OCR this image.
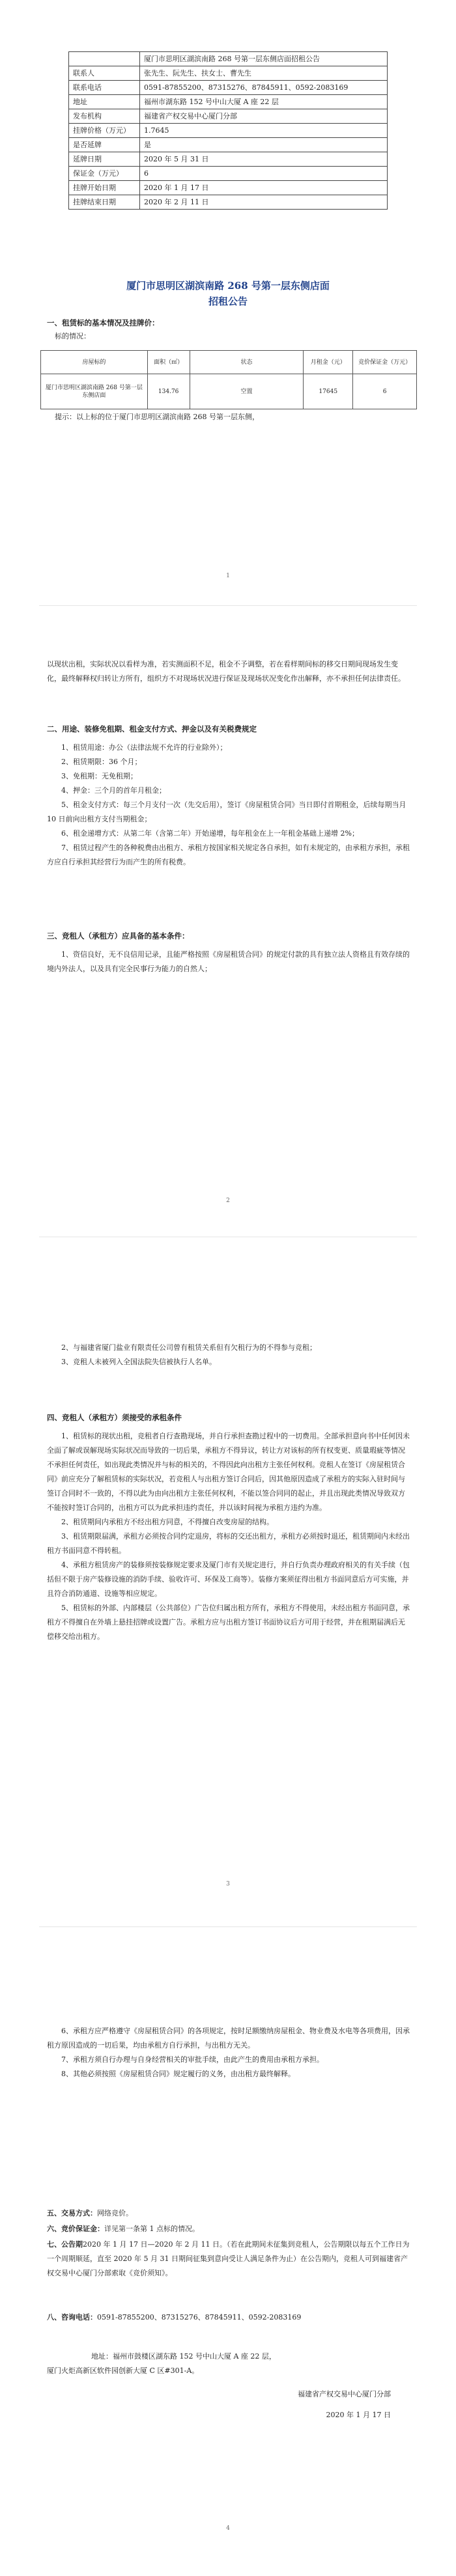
	厦门市思明区湖滨南路 268 号第一层东侧店面招租公告
联系人	张先生、阮先生、扶女士、曹先生
联系电话	0591-87855200、87315276、87845911、0592-2083169
地址	福州市湖东路 152 号中山大厦 A 座 22 层
发布机构	福建省产权交易中心厦门分部
挂牌价格（万元）	1.7645
是否延牌	是
延牌日期	2020 年 5 月 31 日
保证金（万元）	6
挂牌开始日期	2020 年 1 月 17 日
挂牌结束日期	2020 年 2 月 11 日
厦门市思明区湖滨南路 268 号第一层东侧店面
招租公告
一、租赁标的基本情况及挂牌价：
标的情况：
房屋标的	面积（㎡）	状态	月租金（元）	竞价保证金（万元）
厦门市思明区湖滨南路 268 号第一层东侧店面	134.76	空置	17645	6
提示：以上标的位于厦门市思明区湖滨南路 268 号第一层东侧，
1
以现状出租，实际状况以看样为准，若实测面积不足，租金不予调整，若在看样期间标的移交日期间现场发生变化，最终解释权归转让方所有，组织方不对现场状况进行保证及现场状况变化作出解释，亦不承担任何法律责任。
二、用途、装修免租期、租金支付方式、押金以及有关税费规定
1、租赁用途：办公（法律法规不允许的行业除外）；
2、租赁期限：36 个月；
3、免租期：无免租期；
4、押金：三个月的首年月租金；
5、租金支付方式：每三个月支付一次（先交后用），签订《房屋租赁合同》当日即付首期租金，后续每期当月 10 日前向出租方支付当期租金；
6、租金递增方式：从第二年（含第二年）开始递增，每年租金在上一年租金基础上递增 2%；
7、租赁过程产生的各种税费由出租方、承租方按国家相关规定各自承担，如有未规定的，由承租方承担，承租方应自行承担其经营行为而产生的所有税费。
三、竞租人（承租方）应具备的基本条件：
1、资信良好，无不良信用记录，且能严格按照《房屋租赁合同》的规定付款的具有独立法人资格且有效存续的境内外法人，以及具有完全民事行为能力的自然人；
2
2、与福建省厦门盐业有限责任公司曾有租赁关系但有欠租行为的不得参与竞租；
3、竞租人未被列入全国法院失信被执行人名单。
四、竞租人（承租方）须接受的承租条件
1、租赁标的现状出租，竞租者自行查勘现场，并自行承担查勘过程中的一切费用。全部承担意向书中任何因未全面了解或误解现场实际状况而导致的一切后果，承租方不得异议，转让方对该标的所有权变更、质量瑕疵等情况不承担任何责任，如出现此类情况并与标的相关的，不得因此向出租方主张任何权利。竞租人在签订《房屋租赁合同》前应充分了解租赁标的实际状况，若竞租人与出租方签订合同后，因其他原因造成了承租方的实际入驻时间与签订合同时不一致的，不得以此为由向出租方主张任何权利，不能以签合同同的起止，并且出现此类情况导致双方不能按时签订合同的，出租方可以为此承担违约责任，并以该时间视为承租方违约为准。
2、租赁期间内承租方不经出租方同意，不得擅自改变房屋的结构。
3、租赁期限届满，承租方必须按合同约定退房，将标的交还出租方，承租方必须按时退还，租赁期间内未经出租方书面同意不得转租。
4、承租方租赁房产的装修须按装修规定要求及厦门市有关规定进行，并自行负责办理政府相关的有关手续（包括但不限于房产装修设施的消防手续、验收许可、环保及工商等）。装修方案须征得出租方书面同意后方可实施，并且符合消防通道、设施等相应规定。
5、租赁标的外部、内部楼层（公共部位）广告位归属出租方所有，承租方不得使用，未经出租方书面同意，承租方不得擅自在外墙上悬挂招牌或设置广告。承租方应与出租方签订书面协议后方可用于经营，并在租期届满后无偿移交给出租方。
3
6、承租方应严格遵守《房屋租赁合同》的各项规定，按时足额缴纳房屋租金、物业费及水电等各项费用，因承租方原因造成的一切后果，均由承租方自行承担，与出租方无关。
7、承租方须自行办理与自身经营相关的审批手续，由此产生的费用由承租方承担。
8、其他必须按照《房屋租赁合同》规定履行的义务，由出租方最终解释。
五、交易方式：网络竞价。
六、竞价保证金：详见第一条第 1 点标的情况。
七、公告期2020 年 1 月 17 日—2020 年 2 月 11 日。（若在此期间未征集到竞租人，公告期限以每五个工作日为一个周期顺延，直至 2020 年 5 月 31 日期间征集到意向受让人满足条件为止）在公告期内，竞租人可到福建省产权交易中心厦门分部索取《竞价须知》。
八、咨询电话：0591-87855200、87315276、87845911、0592-2083169
地址：福州市鼓楼区湖东路 152 号中山大厦 A 座 22 层，
厦门火炬高新区软件园创新大厦 C 区#301-A。
福建省产权交易中心厦门分部
2020 年 1 月 17 日
4
